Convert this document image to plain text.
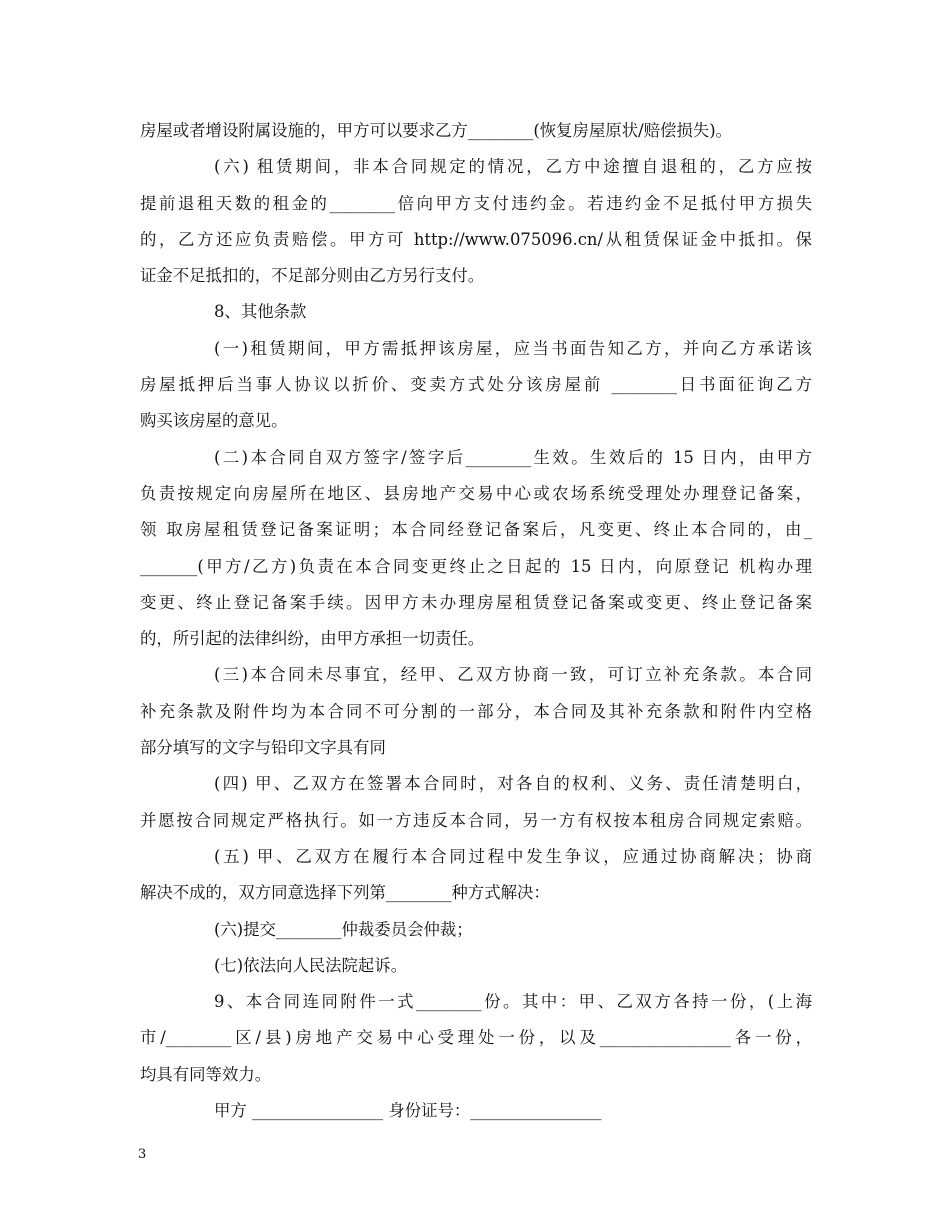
房屋或者增设附属设施的，甲方可以要求乙方________(恢复房屋原状/赔偿损失)。
(六) 租赁期间，非本合同规定的情况，乙方中途擅自退租的，乙方应按
提前退租天数的租金的________倍向甲方支付违约金。若违约金不足抵付甲方损失
的，乙方还应负责赔偿。甲方可 http://www.075096.cn/从租赁保证金中抵扣。保
证金不足抵扣的，不足部分则由乙方另行支付。
8、其他条款
(一)租赁期间，甲方需抵押该房屋，应当书面告知乙方，并向乙方承诺该
房屋抵押后当事人协议以折价、变卖方式处分该房屋前 ________日书面征询乙方
购买该房屋的意见。
(二)本合同自双方签字/签字后________生效。生效后的 15 日内，由甲方
负责按规定向房屋所在地区、县房地产交易中心或农场系统受理处办理登记备案，
领 取房屋租赁登记备案证明；本合同经登记备案后，凡变更、终止本合同的，由_
_______(甲方/乙方)负责在本合同变更终止之日起的 15 日内，向原登记 机构办理
变更、终止登记备案手续。因甲方未办理房屋租赁登记备案或变更、终止登记备案
的，所引起的法律纠纷，由甲方承担一切责任。
(三)本合同未尽事宜，经甲、乙双方协商一致，可订立补充条款。本合同
补充条款及附件均为本合同不可分割的一部分，本合同及其补充条款和附件内空格
部分填写的文字与铅印文字具有同
(四) 甲、乙双方在签署本合同时，对各自的权利、义务、责任清楚明白，
并愿按合同规定严格执行。如一方违反本合同，另一方有权按本租房合同规定索赔。
(五) 甲、乙双方在履行本合同过程中发生争议，应通过协商解决；协商
解决不成的，双方同意选择下列第________种方式解决：
(六)提交________仲裁委员会仲裁；
(七)依法向人民法院起诉。
9、本合同连同附件一式________份。其中：甲、乙双方各持一份，(上海
市/________区/县)房地产交易中心受理处一份，以及________________各一份，
均具有同等效力。
甲方 ________________ 身份证号：________________
3
